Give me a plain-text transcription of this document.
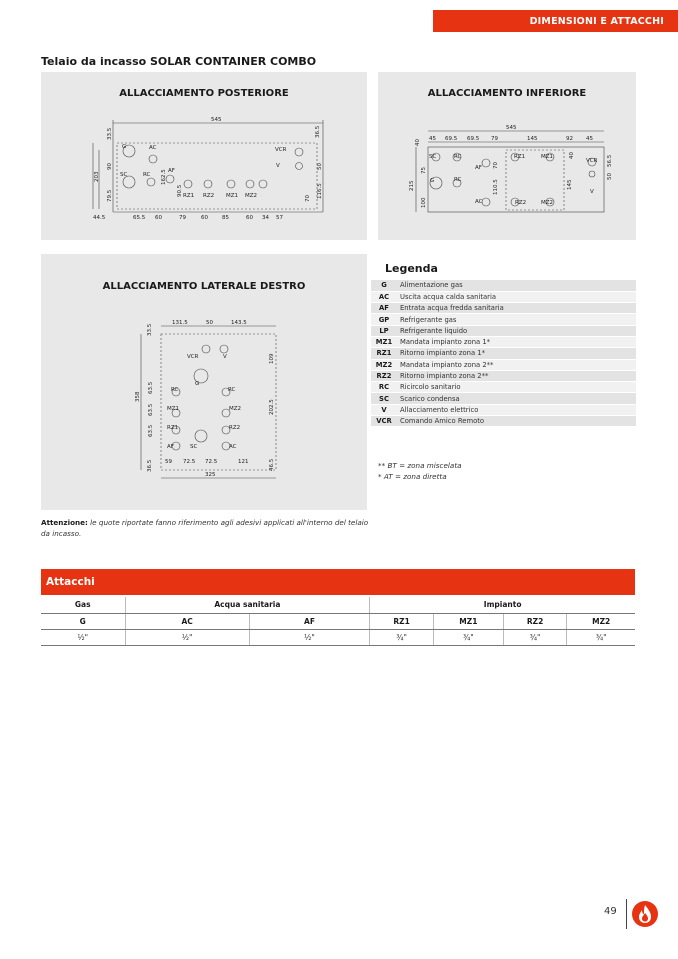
DIMENSIONI E ATTACCHI
Telaio da incasso SOLAR CONTAINER COMBO
ALLACCIAMENTO POSTERIORE
G	AC	VCR
V
SC	RC
AF
RZ1 RZ2 MZ1 MZ2
545
44.5	65.5 60	79	60	85	60 34 57
33.5
203
90
79.5
162.5
90.5
36.5
50
116.5
70
ALLACCIAMENTO INFERIORE
SC	RC
AF
G	RC
AC
RZ1	MZ1
VCR
V
RZ2	MZ2
545
45 69.5 69.5 79	145	92 45
40
215
75
100
70
110.5
40
145
56.5
50
ALLACCIAMENTO LATERALE DESTRO
VCR	V
RC
G
RC
MZ1	MZ2
RZ1	RZ2
AF	SC	AC
131.5	50	143.5
59 72.5 72.5	121
325
33.5
358
63.5
63.5
63.5
36.5
109
202.5
46.5
Legenda
G	Alimentazione gas
AC	Uscita acqua calda sanitaria
AF	Entrata acqua fredda sanitaria
GP	Refrigerante gas
LP	Refrigerante liquido
MZ1	Mandata impianto zona 1*
RZ1	Ritorno impianto zona 1*
MZ2	Mandata impianto zona 2**
RZ2	Ritorno impianto zona 2**
RC	Ricircolo sanitario
SC	Scarico condensa
V	Allacciamento elettrico
VCR	Comando Amico Remoto
** BT = zona miscelata
* AT = zona diretta
Attenzione: le quote riportate fanno riferimento agli adesivi applicati all'interno del telaio da incasso.
Attacchi
Gas	Acqua sanitaria		Impianto			
G	AC	AF	RZ1	MZ1	RZ2	MZ2
½"	½"	½"	¾"	¾"	¾"	¾"
49
